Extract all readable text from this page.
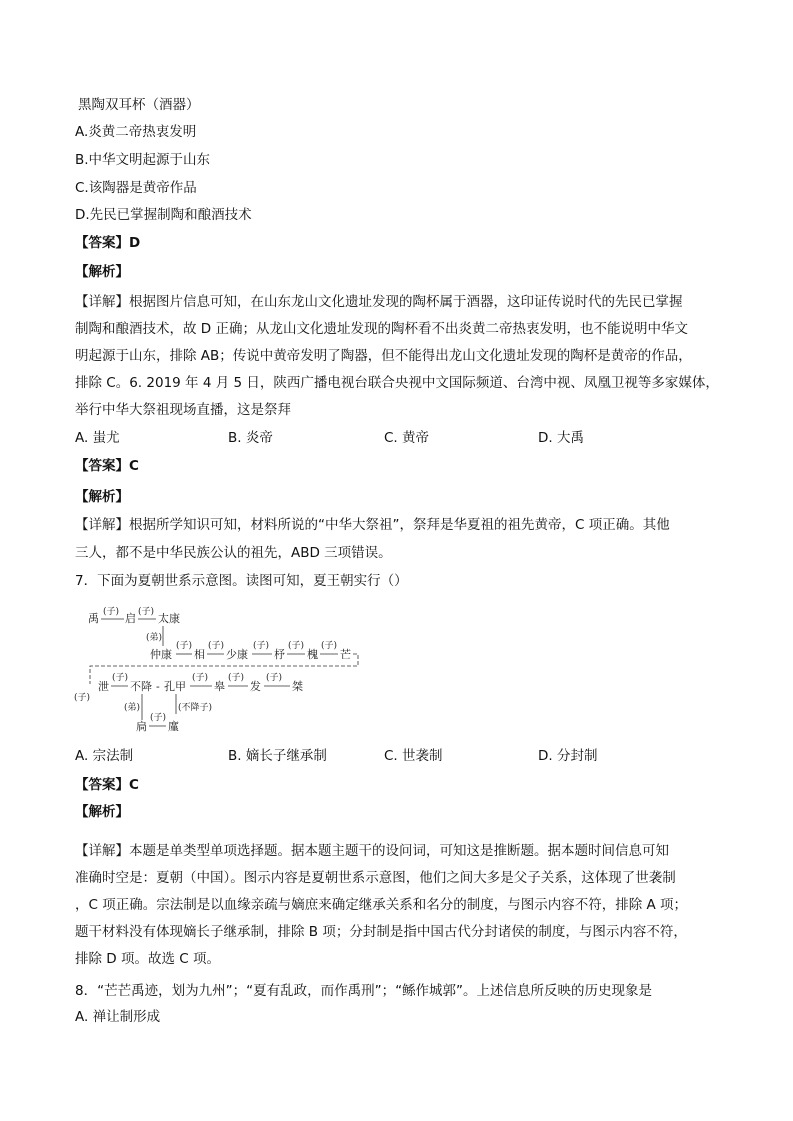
黑陶双耳杯（酒器）
A.炎黄二帝热衷发明
B.中华文明起源于山东
C.该陶器是黄帝作品
D.先民已掌握制陶和酿酒技术
【答案】D
【解析】
【详解】根据图片信息可知，在山东龙山文化遗址发现的陶杯属于酒器，这印证传说时代的先民已掌握
制陶和酿酒技术，故 D 正确；从龙山文化遗址发现的陶杯看不出炎黄二帝热衷发明，也不能说明中华文
明起源于山东，排除 AB；传说中黄帝发明了陶器，但不能得出龙山文化遗址发现的陶杯是黄帝的作品，
排除 C。6. 2019 年 4 月 5 日，陕西广播电视台联合央视中文国际频道、台湾中视、凤凰卫视等多家媒体，
举行中华大祭祖现场直播，这是祭拜
A. 蚩尤	B. 炎帝	C. 黄帝	D. 大禹
【答案】C
【解析】
【详解】根据所学知识可知，材料所说的“中华大祭祖”，祭拜是华夏祖的祖先黄帝，C 项正确。其他
三人，都不是中华民族公认的祖先，ABD 三项错误。
7．下面为夏朝世系示意图。读图可知，夏王朝实行（）
禹 (子) 启 (子) 太康
(弟)
仲康
(子)
相
(子)
少康
(子)
杼
(子)
槐
(子)
芒
(子)
泄
(子)
不降 - 孔甲
(子)
皋
(子)
发
(子)
桀
(弟)	(不降子)
扃
(子)
廑
A. 宗法制	B. 嫡长子继承制	C. 世袭制	D. 分封制
【答案】C
【解析】
【详解】本题是单类型单项选择题。据本题主题干的设问词，可知这是推断题。据本题时间信息可知
准确时空是：夏朝（中国）。图示内容是夏朝世系示意图，他们之间大多是父子关系，这体现了世袭制
，C 项正确。宗法制是以血缘亲疏与嫡庶来确定继承关系和名分的制度，与图示内容不符，排除 A 项；
题干材料没有体现嫡长子继承制，排除 B 项；分封制是指中国古代分封诸侯的制度，与图示内容不符，
排除 D 项。故选 C 项。
8．“芒芒禹迹，划为九州”；“夏有乱政，而作禹刑”；“鲧作城郭”。上述信息所反映的历史现象是
A. 禅让制形成
